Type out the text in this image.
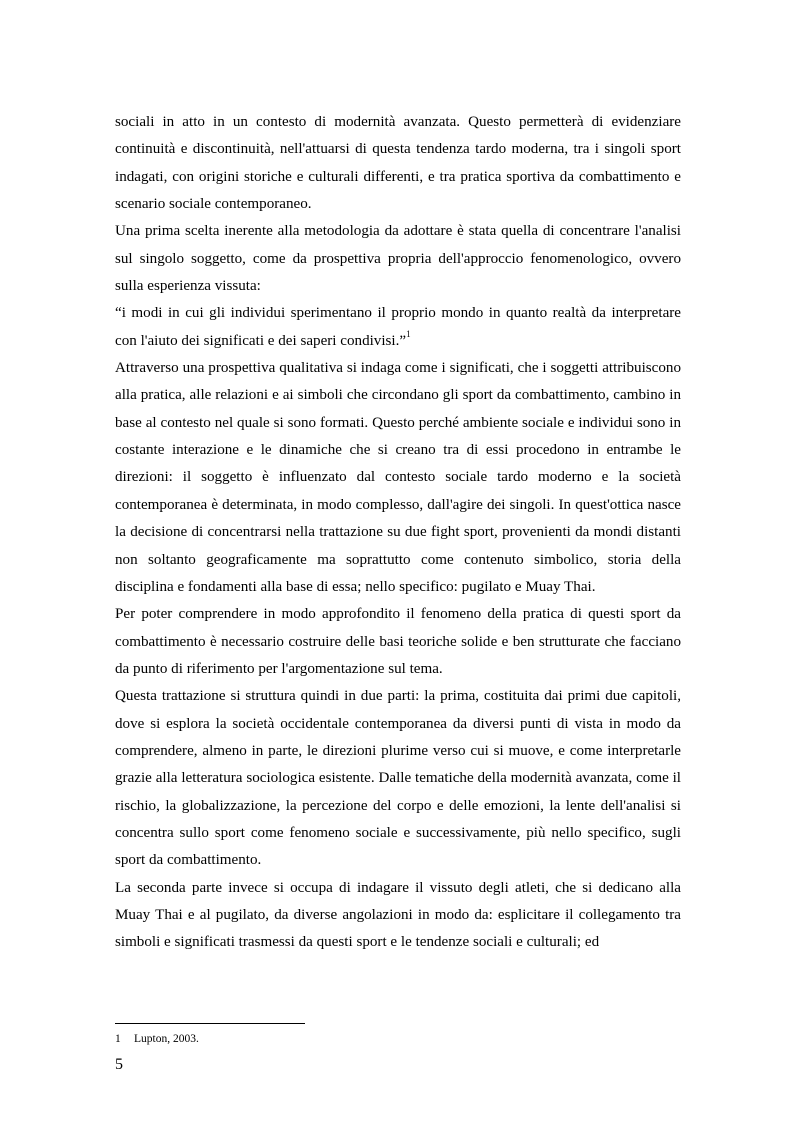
sociali in atto in un contesto di modernità avanzata. Questo permetterà di evidenziare continuità e discontinuità, nell'attuarsi di questa tendenza tardo moderna, tra i singoli sport indagati, con origini storiche e culturali differenti, e tra pratica sportiva da combattimento e scenario sociale contemporaneo.

Una prima scelta inerente alla metodologia da adottare è stata quella di concentrare l'analisi sul singolo soggetto, come da prospettiva propria dell'approccio fenomenologico, ovvero sulla esperienza vissuta:

“i modi in cui gli individui sperimentano il proprio mondo in quanto realtà da interpretare con l'aiuto dei significati e dei saperi condivisi.”$^1$

Attraverso una prospettiva qualitativa si indaga come i significati, che i soggetti attribuiscono alla pratica, alle relazioni e ai simboli che circondano gli sport da combattimento, cambino in base al contesto nel quale si sono formati. Questo perché ambiente sociale e individui sono in costante interazione e le dinamiche che si creano tra di essi procedono in entrambe le direzioni: il soggetto è influenzato dal contesto sociale tardo moderno e la società contemporanea è determinata, in modo complesso, dall'agire dei singoli. In quest'ottica nasce la decisione di concentrarsi nella trattazione su due fight sport, provenienti da mondi distanti non soltanto geograficamente ma soprattutto come contenuto simbolico, storia della disciplina e fondamenti alla base di essa; nello specifico: pugilato e Muay Thai.

Per poter comprendere in modo approfondito il fenomeno della pratica di questi sport da combattimento è necessario costruire delle basi teoriche solide e ben strutturate che facciano da punto di riferimento per l'argomentazione sul tema.

Questa trattazione si struttura quindi in due parti: la prima, costituita dai primi due capitoli, dove si esplora la società occidentale contemporanea da diversi punti di vista in modo da comprendere, almeno in parte, le direzioni plurime verso cui si muove, e come interpretarle grazie alla letteratura sociologica esistente. Dalle tematiche della modernità avanzata, come il rischio, la globalizzazione, la percezione del corpo e delle emozioni, la lente dell'analisi si concentra sullo sport come fenomeno sociale e successivamente, più nello specifico, sugli sport da combattimento.

La seconda parte invece si occupa di indagare il vissuto degli atleti, che si dedicano alla Muay Thai e al pugilato, da diverse angolazioni in modo da: esplicitare il collegamento tra simboli e significati trasmessi da questi sport e le tendenze sociali e culturali; ed

1 Lupton, 2003.
5
